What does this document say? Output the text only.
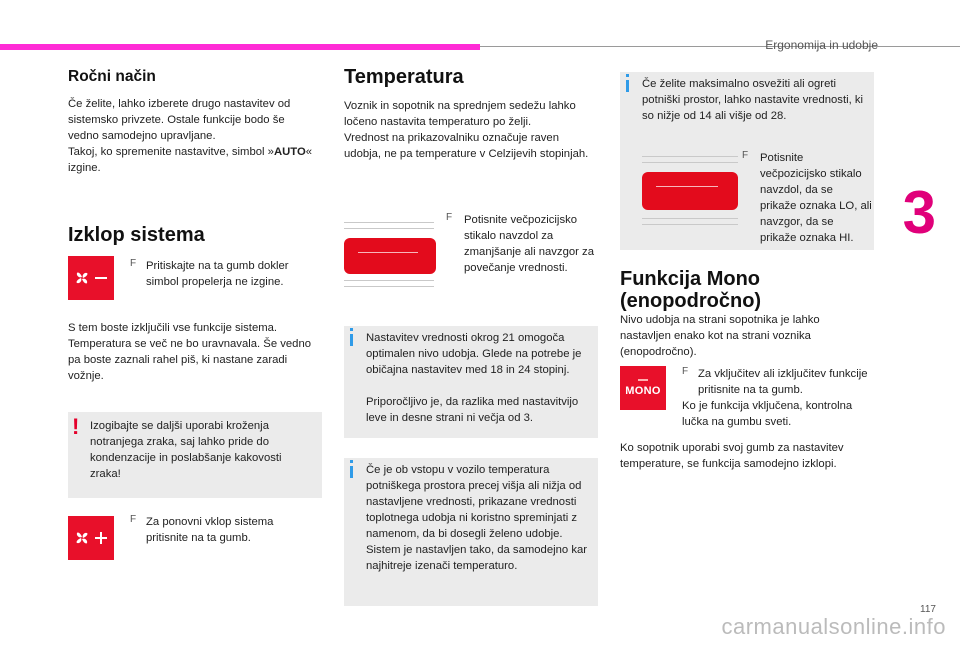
Ergonomija in udobje
3
Ročni način

Če želite, lahko izberete drugo nastavitev od sistemsko privzete. Ostale funkcije bodo še vedno samodejno upravljane.

Takoj, ko spremenite nastavitve, simbol »AUTO« izgine.

Izklop sistema
F Pritiskajte na ta gumb dokler simbol propelerja ne izgine.

S tem boste izključili vse funkcije sistema. Temperatura se več ne bo uravnavala. Še vedno pa boste zaznali rahel piš, ki nastane zaradi vožnje.

! Izogibajte se daljši uporabi kroženja notranjega zraka, saj lahko pride do kondenzacije in poslabšanje kakovosti zraka!

F Za ponovni vklop sistema pritisnite na ta gumb.

Temperatura

Voznik in sopotnik na sprednjem sedežu lahko ločeno nastavita temperaturo po želji.

Vrednost na prikazovalniku označuje raven udobja, ne pa temperature v Celzijevih stopinjah.

F Potisnite večpozicijsko stikalo navzdol za zmanjšanje ali navzgor za povečanje vrednosti.

Nastavitev vrednosti okrog 21 omogoča optimalen nivo udobja. Glede na potrebe je običajna nastavitev med 18 in 24 stopinj.

Priporočljivo je, da razlika med nastavitvijo leve in desne strani ni večja od 3.

Če je ob vstopu v vozilo temperatura potniškega prostora precej višja ali nižja od nastavljene vrednosti, prikazane vrednosti toplotnega udobja ni koristno spreminjati z namenom, da bi dosegli želeno udobje. Sistem je nastavljen tako, da samodejno kar najhitreje izenači temperaturo.

Če želite maksimalno osvežiti ali ogreti potniški prostor, lahko nastavite vrednosti, ki so nižje od 14 ali višje od 28.

F Potisnite večpozicijsko stikalo navzdol, da se prikaže oznaka LO, ali navzgor, da se prikaže oznaka HI.

Funkcija Mono
(enopodročno)

Nivo udobja na strani sopotnika je lahko nastavljen enako kot na strani voznika (enopodročno).

MONO
F Za vključitev ali izključitev funkcije pritisnite na ta gumb.

Ko je funkcija vključena, kontrolna lučka na gumbu sveti.

Ko sopotnik uporabi svoj gumb za nastavitev temperature, se funkcija samodejno izklopi.

117
carmanualsonline.info
